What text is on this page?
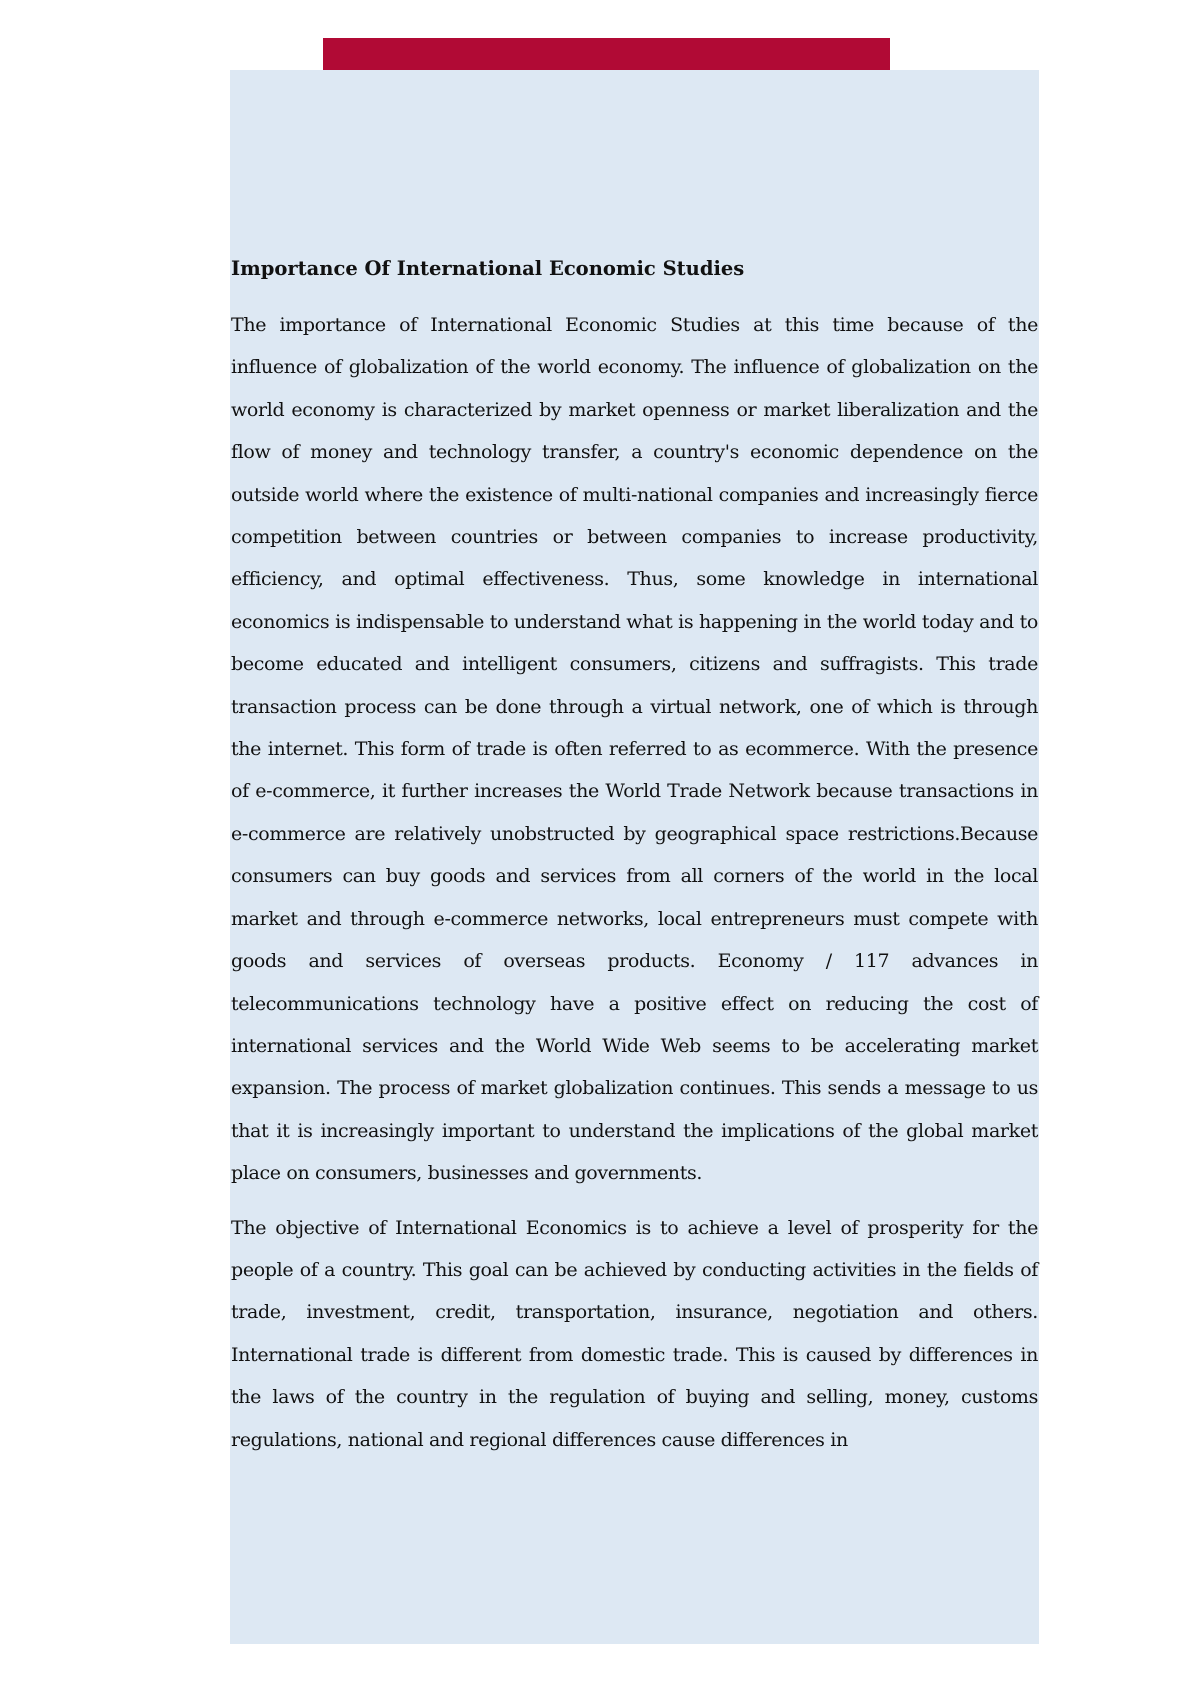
Importance Of International Economic Studies

The importance of International Economic Studies at this time because of the influence of globalization of the world economy. The influence of globalization on the world economy is characterized by market openness or market liberalization and the flow of money and technology transfer, a country's economic dependence on the outside world where the existence of multi-national companies and increasingly fierce competition between countries or between companies to increase productivity, efficiency, and optimal effectiveness. Thus, some knowledge in international economics is indispensable to understand what is happening in the world today and to become educated and intelligent consumers, citizens and suffragists. This trade transaction process can be done through a virtual network, one of which is through the internet. This form of trade is often referred to as ecommerce. With the presence of e-commerce, it further increases the World Trade Network because transactions in e-commerce are relatively unobstructed by geographical space restrictions.Because consumers can buy goods and services from all corners of the world in the local market and through e-commerce networks, local entrepreneurs must compete with goods and services of overseas products. Economy / 117 advances in telecommunications technology have a positive effect on reducing the cost of international services and the World Wide Web seems to be accelerating market expansion. The process of market globalization continues. This sends a message to us that it is increasingly important to understand the implications of the global market place on consumers, businesses and governments.

The objective of International Economics is to achieve a level of prosperity for the people of a country. This goal can be achieved by conducting activities in the fields of trade, investment, credit, transportation, insurance, negotiation and others. International trade is different from domestic trade. This is caused by differences in the laws of the country in the regulation of buying and selling, money, customs regulations, national and regional differences cause differences in
